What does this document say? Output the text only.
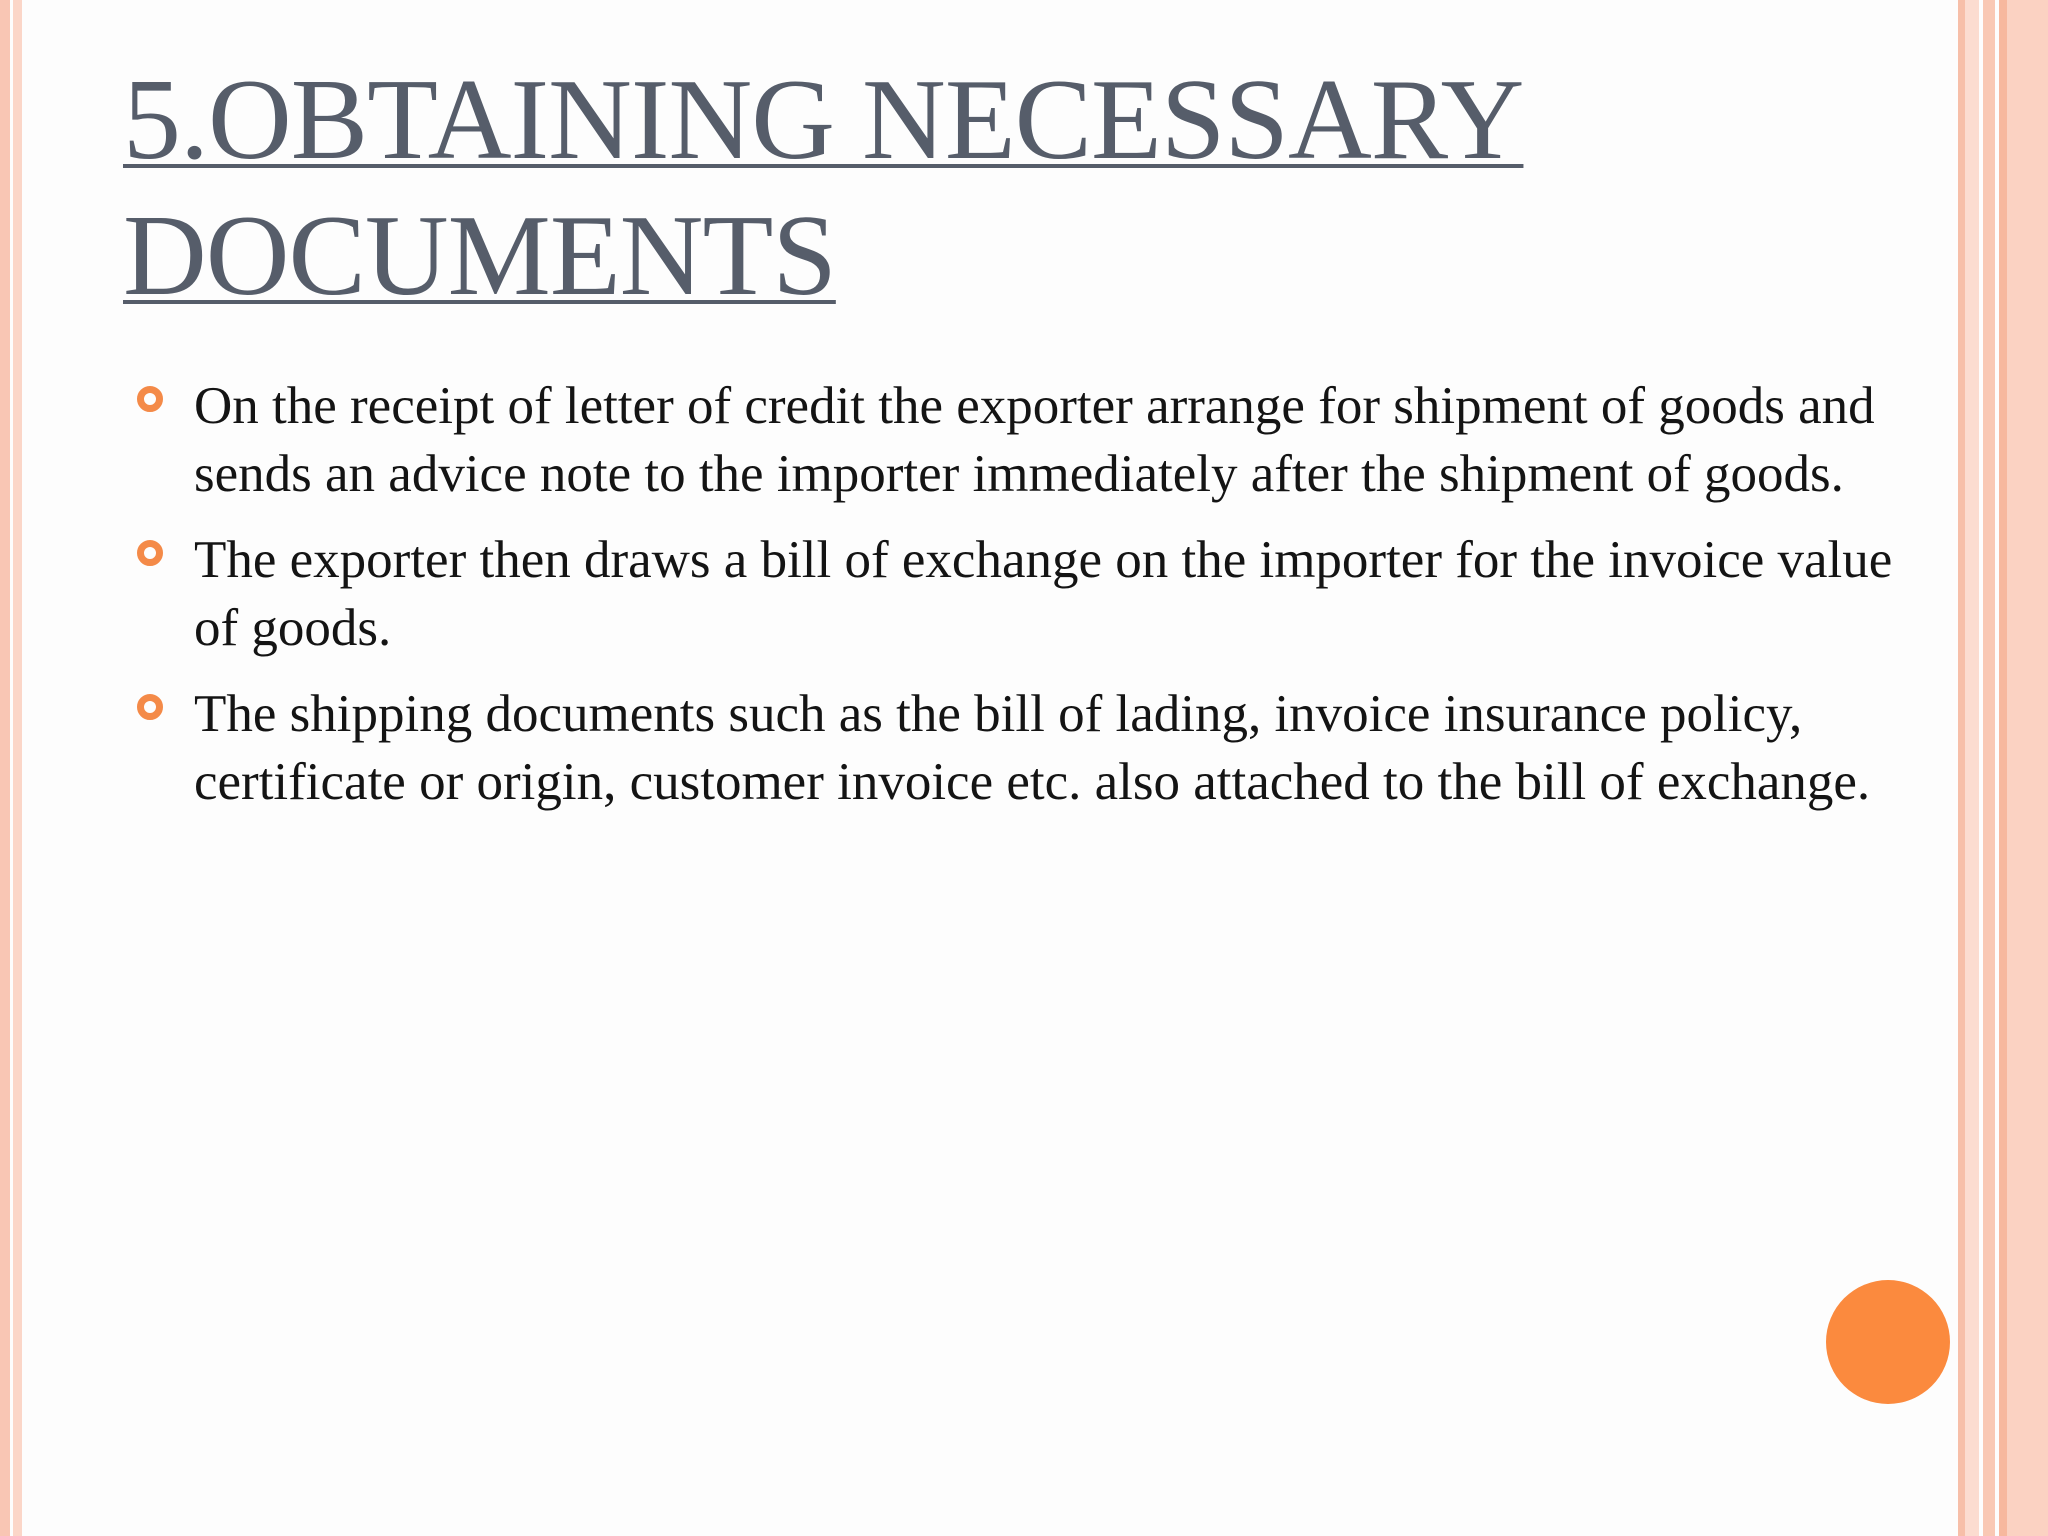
5.OBTAINING NECESSARY
DOCUMENTS
On the receipt of letter of credit the exporter arrange for shipment of goods and sends an advice note to the importer immediately after the shipment of goods.
The exporter then draws a bill of exchange on the importer for the invoice value of goods.
The shipping documents such as the bill of lading, invoice insurance policy, certificate or origin, customer invoice etc. also attached to the bill of exchange.
